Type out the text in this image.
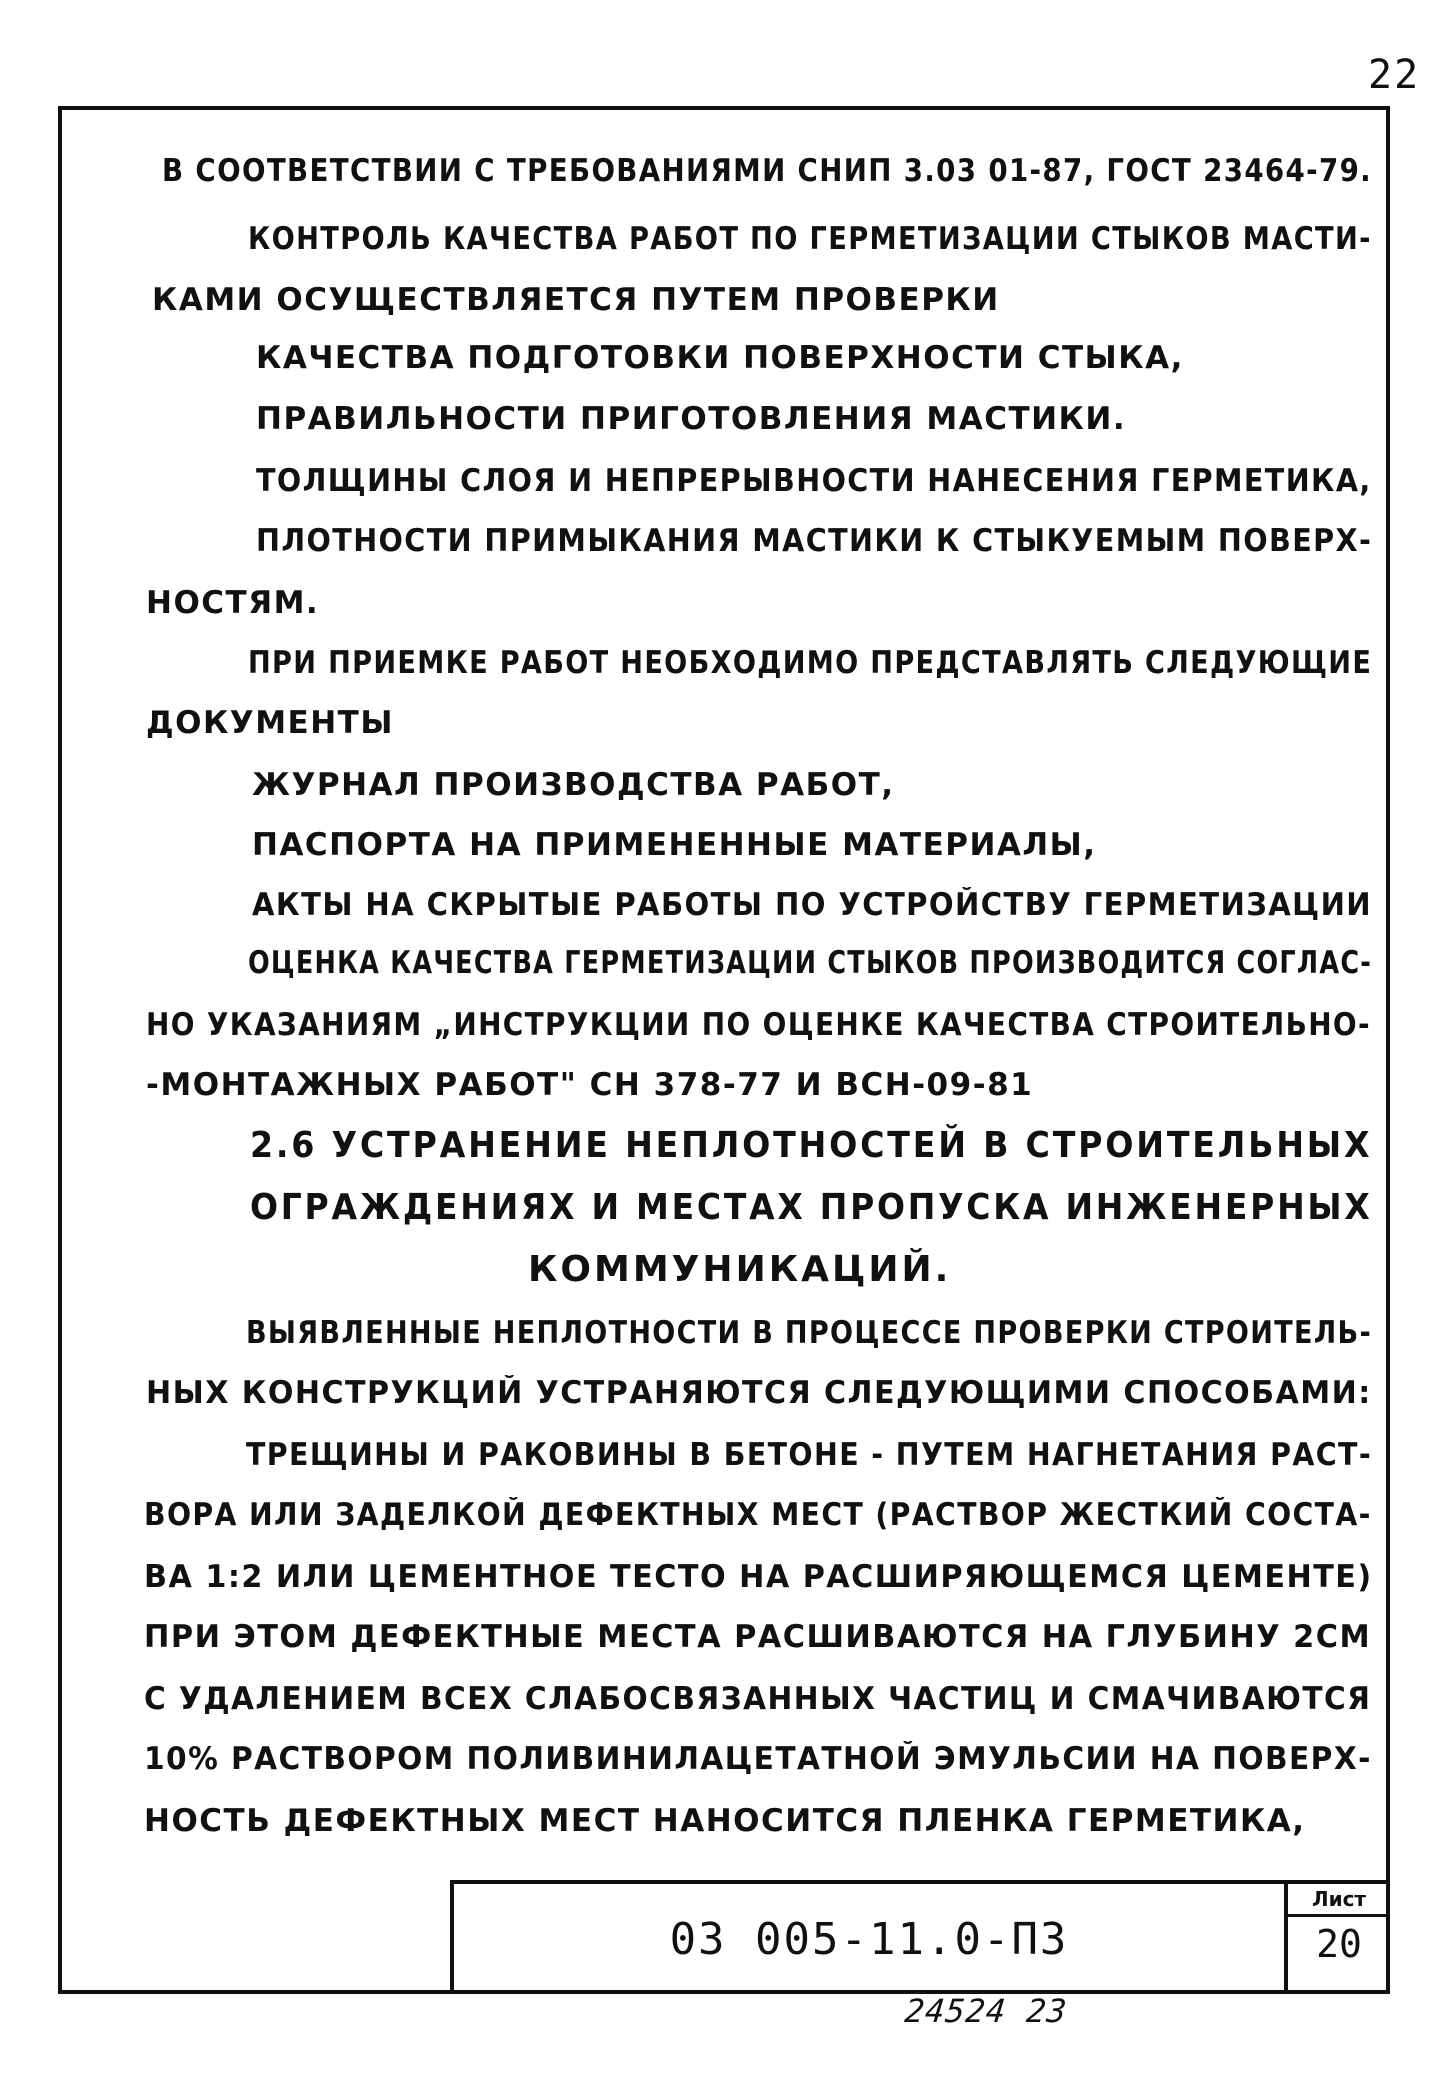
22
В СООТВЕТСТВИИ С ТРЕБОВАНИЯМИ СНИП 3.03 01-87, ГОСТ 23464-79.
КОНТРОЛЬ КАЧЕСТВА РАБОТ ПО ГЕРМЕТИЗАЦИИ СТЫКОВ МАСТИ-
КАМИ ОСУЩЕСТВЛЯЕТСЯ ПУТЕМ ПРОВЕРКИ
КАЧЕСТВА ПОДГОТОВКИ ПОВЕРХНОСТИ СТЫКА,
ПРАВИЛЬНОСТИ ПРИГОТОВЛЕНИЯ МАСТИКИ.
ТОЛЩИНЫ СЛОЯ И НЕПРЕРЫВНОСТИ НАНЕСЕНИЯ ГЕРМЕТИКА,
ПЛОТНОСТИ ПРИМЫКАНИЯ МАСТИКИ К СТЫКУЕМЫМ ПОВЕРХ-
НОСТЯМ.
ПРИ ПРИЕМКЕ РАБОТ НЕОБХОДИМО ПРЕДСТАВЛЯТЬ СЛЕДУЮЩИЕ
ДОКУМЕНТЫ
ЖУРНАЛ ПРОИЗВОДСТВА РАБОТ,
ПАСПОРТА НА ПРИМЕНЕННЫЕ МАТЕРИАЛЫ,
АКТЫ НА СКРЫТЫЕ РАБОТЫ ПО УСТРОЙСТВУ ГЕРМЕТИЗАЦИИ
ОЦЕНКА КАЧЕСТВА ГЕРМЕТИЗАЦИИ СТЫКОВ ПРОИЗВОДИТСЯ СОГЛАС-
НО УКАЗАНИЯМ „ИНСТРУКЦИИ ПО ОЦЕНКЕ КАЧЕСТВА СТРОИТЕЛЬНО-
-МОНТАЖНЫХ РАБОТ" СН 378-77 И ВСН-09-81
2.6 УСТРАНЕНИЕ НЕПЛОТНОСТЕЙ В СТРОИТЕЛЬНЫХ
ОГРАЖДЕНИЯХ И МЕСТАХ ПРОПУСКА ИНЖЕНЕРНЫХ
КОММУНИКАЦИЙ.
ВЫЯВЛЕННЫЕ НЕПЛОТНОСТИ В ПРОЦЕССЕ ПРОВЕРКИ СТРОИТЕЛЬ-
НЫХ КОНСТРУКЦИЙ УСТРАНЯЮТСЯ СЛЕДУЮЩИМИ СПОСОБАМИ:
ТРЕЩИНЫ И РАКОВИНЫ В БЕТОНЕ - ПУТЕМ НАГНЕТАНИЯ РАСТ-
ВОРА ИЛИ ЗАДЕЛКОЙ ДЕФЕКТНЫХ МЕСТ (РАСТВОР ЖЕСТКИЙ СОСТА-
ВА 1:2 ИЛИ ЦЕМЕНТНОЕ ТЕСТО НА РАСШИРЯЮЩЕМСЯ ЦЕМЕНТЕ)
ПРИ ЭТОМ ДЕФЕКТНЫЕ МЕСТА РАСШИВАЮТСЯ НА ГЛУБИНУ 2СМ
С УДАЛЕНИЕМ ВСЕХ СЛАБОСВЯЗАННЫХ ЧАСТИЦ И СМАЧИВАЮТСЯ
10% РАСТВОРОМ ПОЛИВИНИЛАЦЕТАТНОЙ ЭМУЛЬСИИ НА ПОВЕРХ-
НОСТЬ ДЕФЕКТНЫХ МЕСТ НАНОСИТСЯ ПЛЕНКА ГЕРМЕТИКА,
03 005-11.0-ПЗ
Лист
20
24524 23
